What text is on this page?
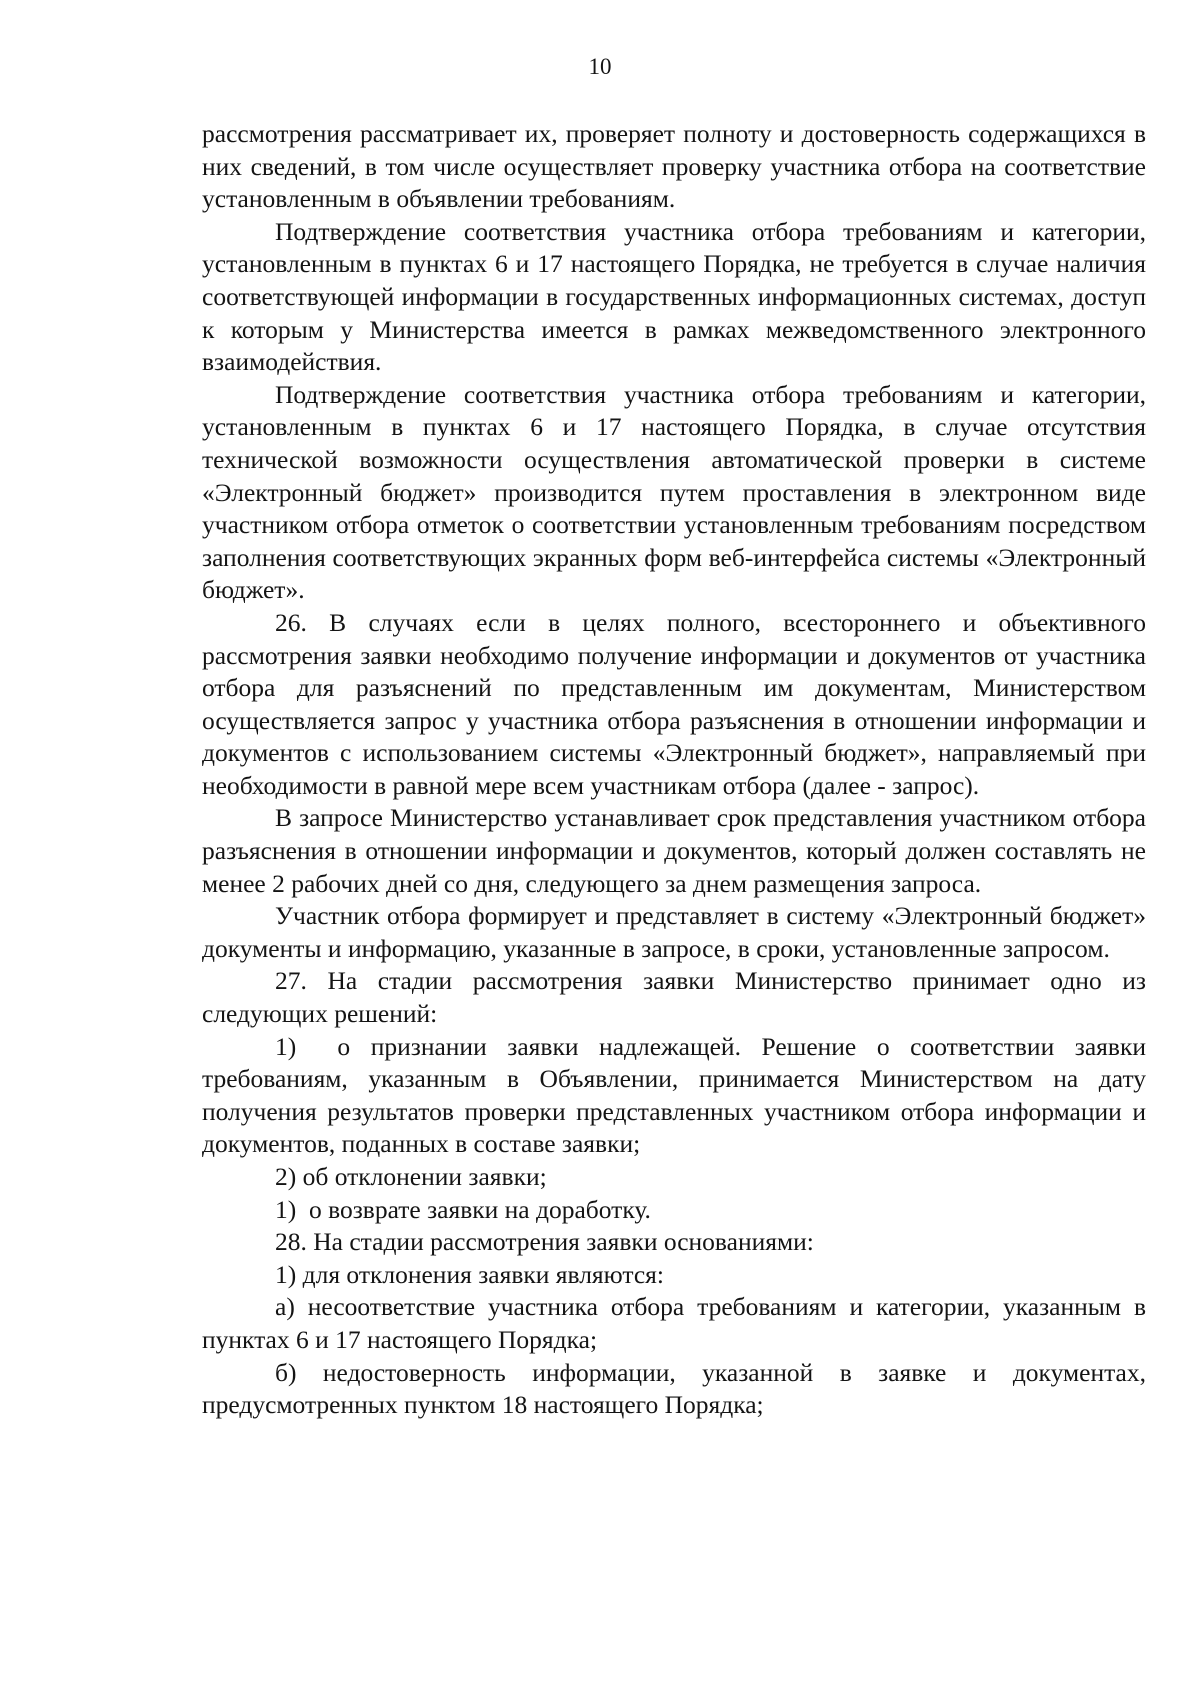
10

рассмотрения рассматривает их, проверяет полноту и достоверность содержащихся в них сведений, в том числе осуществляет проверку участника отбора на соответствие установленным в объявлении требованиям.

Подтверждение соответствия участника отбора требованиям и категории, установленным в пунктах 6 и 17 настоящего Порядка, не требуется в случае наличия соответствующей информации в государственных информационных системах, доступ к которым у Министерства имеется в рамках межведомственного электронного взаимодействия.

Подтверждение соответствия участника отбора требованиям и категории, установленным в пунктах 6 и 17 настоящего Порядка, в случае отсутствия технической возможности осуществления автоматической проверки в системе «Электронный бюджет» производится путем проставления в электронном виде участником отбора отметок о соответствии установленным требованиям посредством заполнения соответствующих экранных форм веб-интерфейса системы «Электронный бюджет».

26. В случаях если в целях полного, всестороннего и объективного рассмотрения заявки необходимо получение информации и документов от участника отбора для разъяснений по представленным им документам, Министерством осуществляется запрос у участника отбора разъяснения в отношении информации и документов с использованием системы «Электронный бюджет», направляемый при необходимости в равной мере всем участникам отбора (далее - запрос).

В запросе Министерство устанавливает срок представления участником отбора разъяснения в отношении информации и документов, который должен составлять не менее 2 рабочих дней со дня, следующего за днем размещения запроса.

Участник отбора формирует и представляет в систему «Электронный бюджет» документы и информацию, указанные в запросе, в сроки, установленные запросом.

27. На стадии рассмотрения заявки Министерство принимает одно из следующих решений:

1)  о признании заявки надлежащей. Решение о соответствии заявки требованиям, указанным в Объявлении, принимается Министерством на дату получения результатов проверки представленных участником отбора информации и документов, поданных в составе заявки;

2) об отклонении заявки;

1)  о возврате заявки на доработку.

28. На стадии рассмотрения заявки основаниями:

1) для отклонения заявки являются:

а) несоответствие участника отбора требованиям и категории, указанным в пунктах 6 и 17 настоящего Порядка;

б) недостоверность информации, указанной в заявке и документах, предусмотренных пунктом 18 настоящего Порядка;
